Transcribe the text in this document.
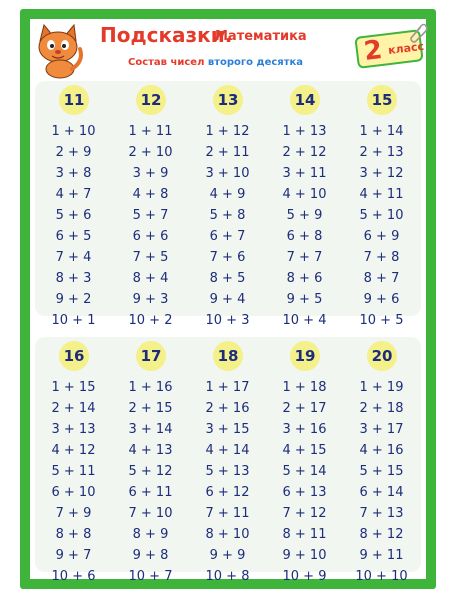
Подсказки.
Математика
Состав чисел второго десятка 2 класс
11
1 + 10
2 + 9
3 + 8
4 + 7
5 + 6
6 + 5
7 + 4
8 + 3
9 + 2
10 + 1
12
1 + 11
2 + 10
3 + 9
4 + 8
5 + 7
6 + 6
7 + 5
8 + 4
9 + 3
10 + 2
13
1 + 12
2 + 11
3 + 10
4 + 9
5 + 8
6 + 7
7 + 6
8 + 5
9 + 4
10 + 3
14
1 + 13
2 + 12
3 + 11
4 + 10
5 + 9
6 + 8
7 + 7
8 + 6
9 + 5
10 + 4
15
1 + 14
2 + 13
3 + 12
4 + 11
5 + 10
6 + 9
7 + 8
8 + 7
9 + 6
10 + 5
16
1 + 15
2 + 14
3 + 13
4 + 12
5 + 11
6 + 10
7 + 9
8 + 8
9 + 7
10 + 6
17
1 + 16
2 + 15
3 + 14
4 + 13
5 + 12
6 + 11
7 + 10
8 + 9
9 + 8
10 + 7
18
1 + 17
2 + 16
3 + 15
4 + 14
5 + 13
6 + 12
7 + 11
8 + 10
9 + 9
10 + 8
19
1 + 18
2 + 17
3 + 16
4 + 15
5 + 14
6 + 13
7 + 12
8 + 11
9 + 10
10 + 9
20
1 + 19
2 + 18
3 + 17
4 + 16
5 + 15
6 + 14
7 + 13
8 + 12
9 + 11
10 + 10
